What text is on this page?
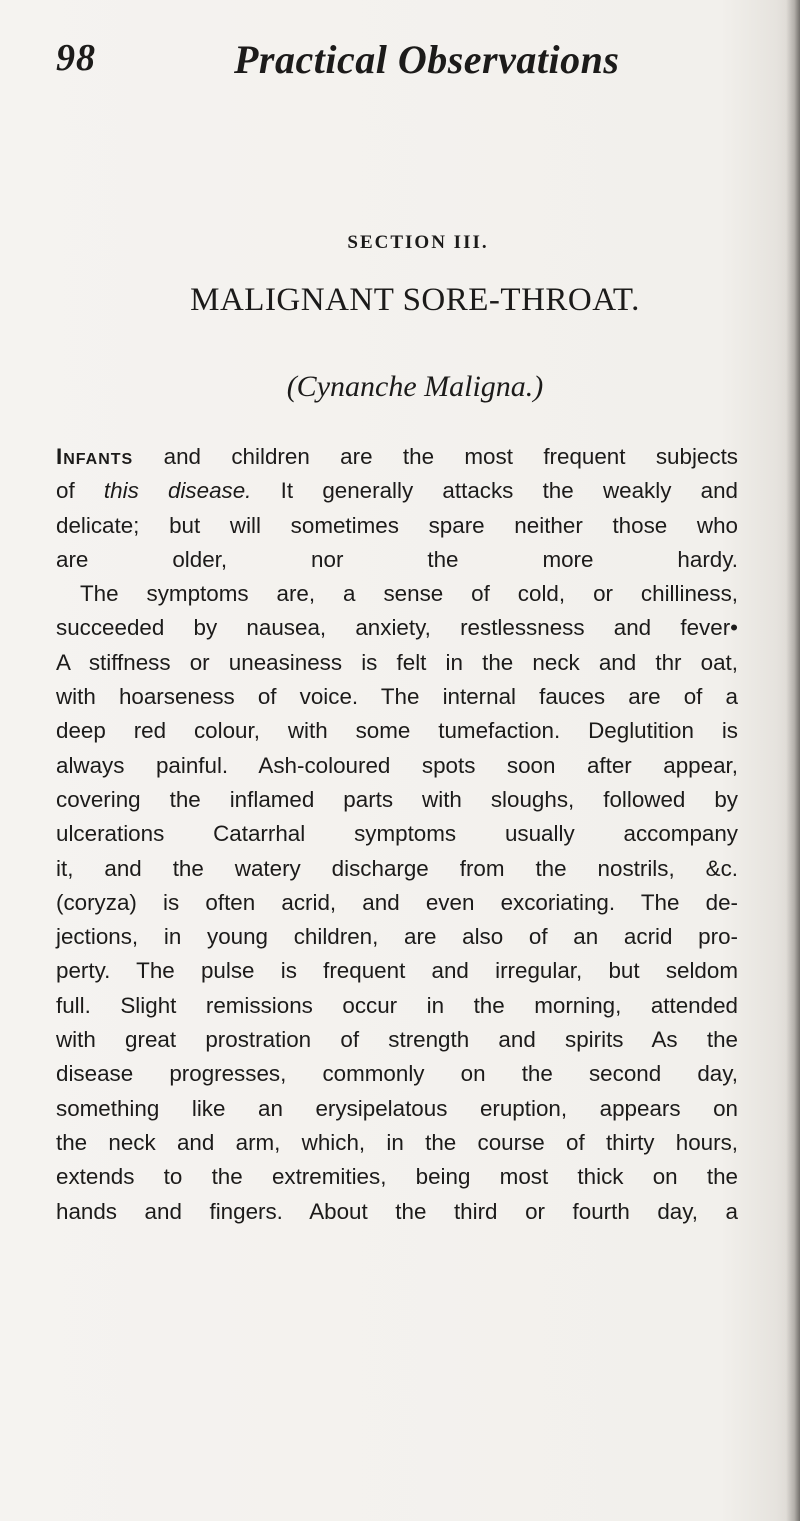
98	Practical Observations
SECTION III.
MALIGNANT SORE-THROAT.
(Cynanche Maligna.)
Infants and children are the most frequent subjects
of this disease. It generally attacks the weakly and
delicate; but will sometimes spare neither those who
are older, nor the more hardy.
The symptoms are, a sense of cold, or chilliness,
succeeded by nausea, anxiety, restlessness and fever•
A stiffness or uneasiness is felt in the neck and thr oat,
with hoarseness of voice. The internal fauces are of a
deep red colour, with some tumefaction. Deglutition is
always painful. Ash-coloured spots soon after appear,
covering the inflamed parts with sloughs, followed by
ulcerations Catarrhal symptoms usually accompany
it, and the watery discharge from the nostrils, &c.
(coryza) is often acrid, and even excoriating. The de-
jections, in young children, are also of an acrid pro-
perty. The pulse is frequent and irregular, but seldom
full. Slight remissions occur in the morning, attended
with great prostration of strength and spirits As the
disease progresses, commonly on the second day,
something like an erysipelatous eruption, appears on
the neck and arm, which, in the course of thirty hours,
extends to the extremities, being most thick on the
hands and fingers. About the third or fourth day, a
